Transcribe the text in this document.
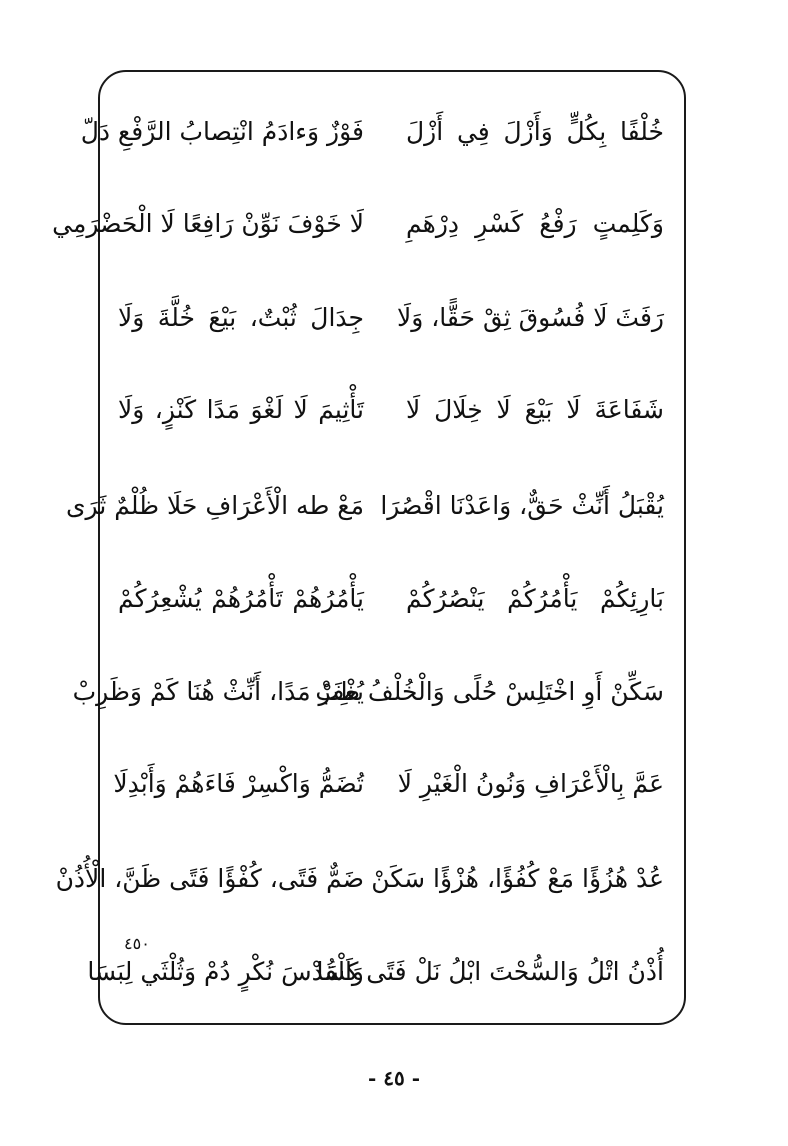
خُلْفًا بِكُلٍّ وَأَزْلَ فِي أَزْلَ
فَوْزٌ وَءادَمُ انْتِصابُ الرَّفْعِ دَلّ
وَكَلِمتٍ رَفْعُ كَسْرِ دِرْهَمِ
لَا خَوْفَ نَوِّنْ رَافِعًا لَا الْحَضْرَمِي
رَفَثَ لَا فُسُوقَ ثِقْ حَقًّا، وَلَا
جِدَالَ ثُبْتٌ، بَيْعَ خُلَّةَ وَلَا
شَفَاعَةَ لَا بَيْعَ لَا خِلَالَ لَا
تَأْثِيمَ لَا لَغْوَ مَدًا كَنْزٍ، وَلَا
يُقْبَلُ أَنِّثْ حَقٌّ، وَاعَدْنَا اقْصُرَا
مَعْ طه الْأَعْرَافِ حَلَا ظُلْمٌ ثَرَى
بَارِئِكُمْ يَأْمُرُكُمْ يَنْصُرُكُمْ
يَأْمُرُهُمْ تَأْمُرُهُمْ يُشْعِرُكُمْ
سَكِّنْ أَوِ اخْتَلِسْ حُلًى وَالْخُلْفُ طِبْ
يُغْفَرْ مَدًا، أَنِّثْ هُنَا كَمْ وَظَرِبْ
عَمَّ بِالْأَعْرَافِ وَنُونُ الْغَيْرِ لَا
تُضَمُّ وَاكْسِرْ فَاءَهُمْ وَأَبْدِلَا
عُدْ هُزُؤًا مَعْ كُفُؤًا، هُزْؤًا سَكَنْ
ضَمٌّ فَتًى، كُفْؤًا فَتًى ظَنَّ، الْأُذُنْ
٤٥٠
أُذْنُ اتْلُ وَالسُّحْتَ ابْلُ نَلْ فَتًى كَسَا
وَالْقُدْسَ نُكْرٍ دُمْ وَثُلْثَي لِبَسَا
- ٤٥ -
